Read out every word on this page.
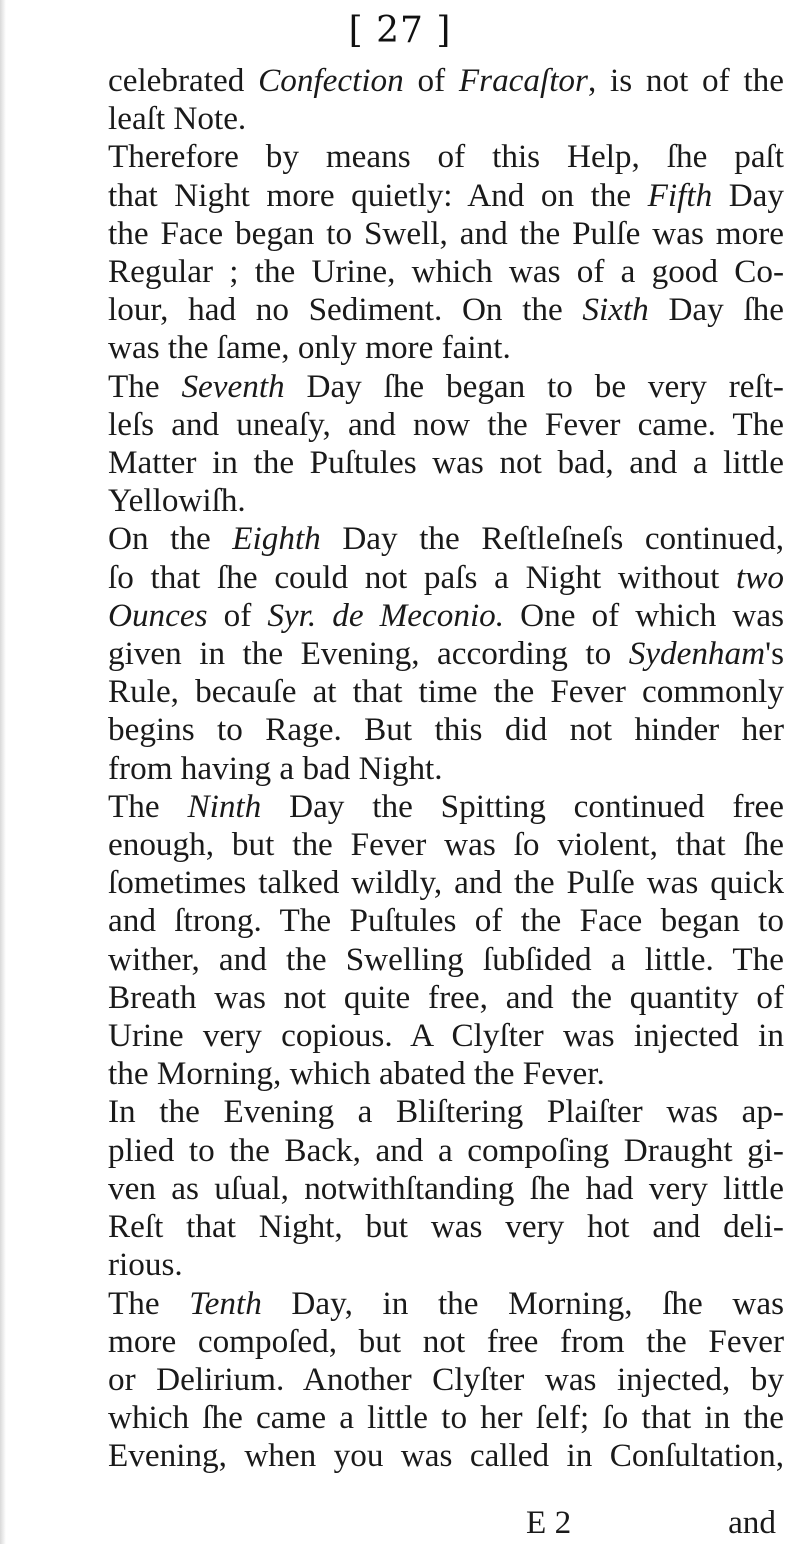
[ 27 ]
celebrated Confection of Fracaſtor, is not of the
leaſt Note.
Therefore by means of this Help, ſhe paſt
that Night more quietly: And on the Fifth Day
the Face began to Swell, and the Pulſe was more
Regular ; the Urine, which was of a good Co-
lour, had no Sediment. On the Sixth Day ſhe
was the ſame, only more faint.
The Seventh Day ſhe began to be very reſt-
leſs and uneaſy, and now the Fever came. The
Matter in the Puſtules was not bad, and a little
Yellowiſh.
On the Eighth Day the Reſtleſneſs continued,
ſo that ſhe could not paſs a Night without two
Ounces of Syr. de Meconio. One of which was
given in the Evening, according to Sydenham's
Rule, becauſe at that time the Fever commonly
begins to Rage. But this did not hinder her
from having a bad Night.
The Ninth Day the Spitting continued free
enough, but the Fever was ſo violent, that ſhe
ſometimes talked wildly, and the Pulſe was quick
and ſtrong. The Puſtules of the Face began to
wither, and the Swelling ſubſided a little. The
Breath was not quite free, and the quantity of
Urine very copious. A Clyſter was injected in
the Morning, which abated the Fever.
In the Evening a Bliſtering Plaiſter was ap-
plied to the Back, and a compoſing Draught gi-
ven as uſual, notwithſtanding ſhe had very little
Reſt that Night, but was very hot and deli-
rious.
The Tenth Day, in the Morning, ſhe was
more compoſed, but not free from the Fever
or Delirium. Another Clyſter was injected, by
which ſhe came a little to her ſelf; ſo that in the
Evening, when you was called in Conſultation,
E 2	and
